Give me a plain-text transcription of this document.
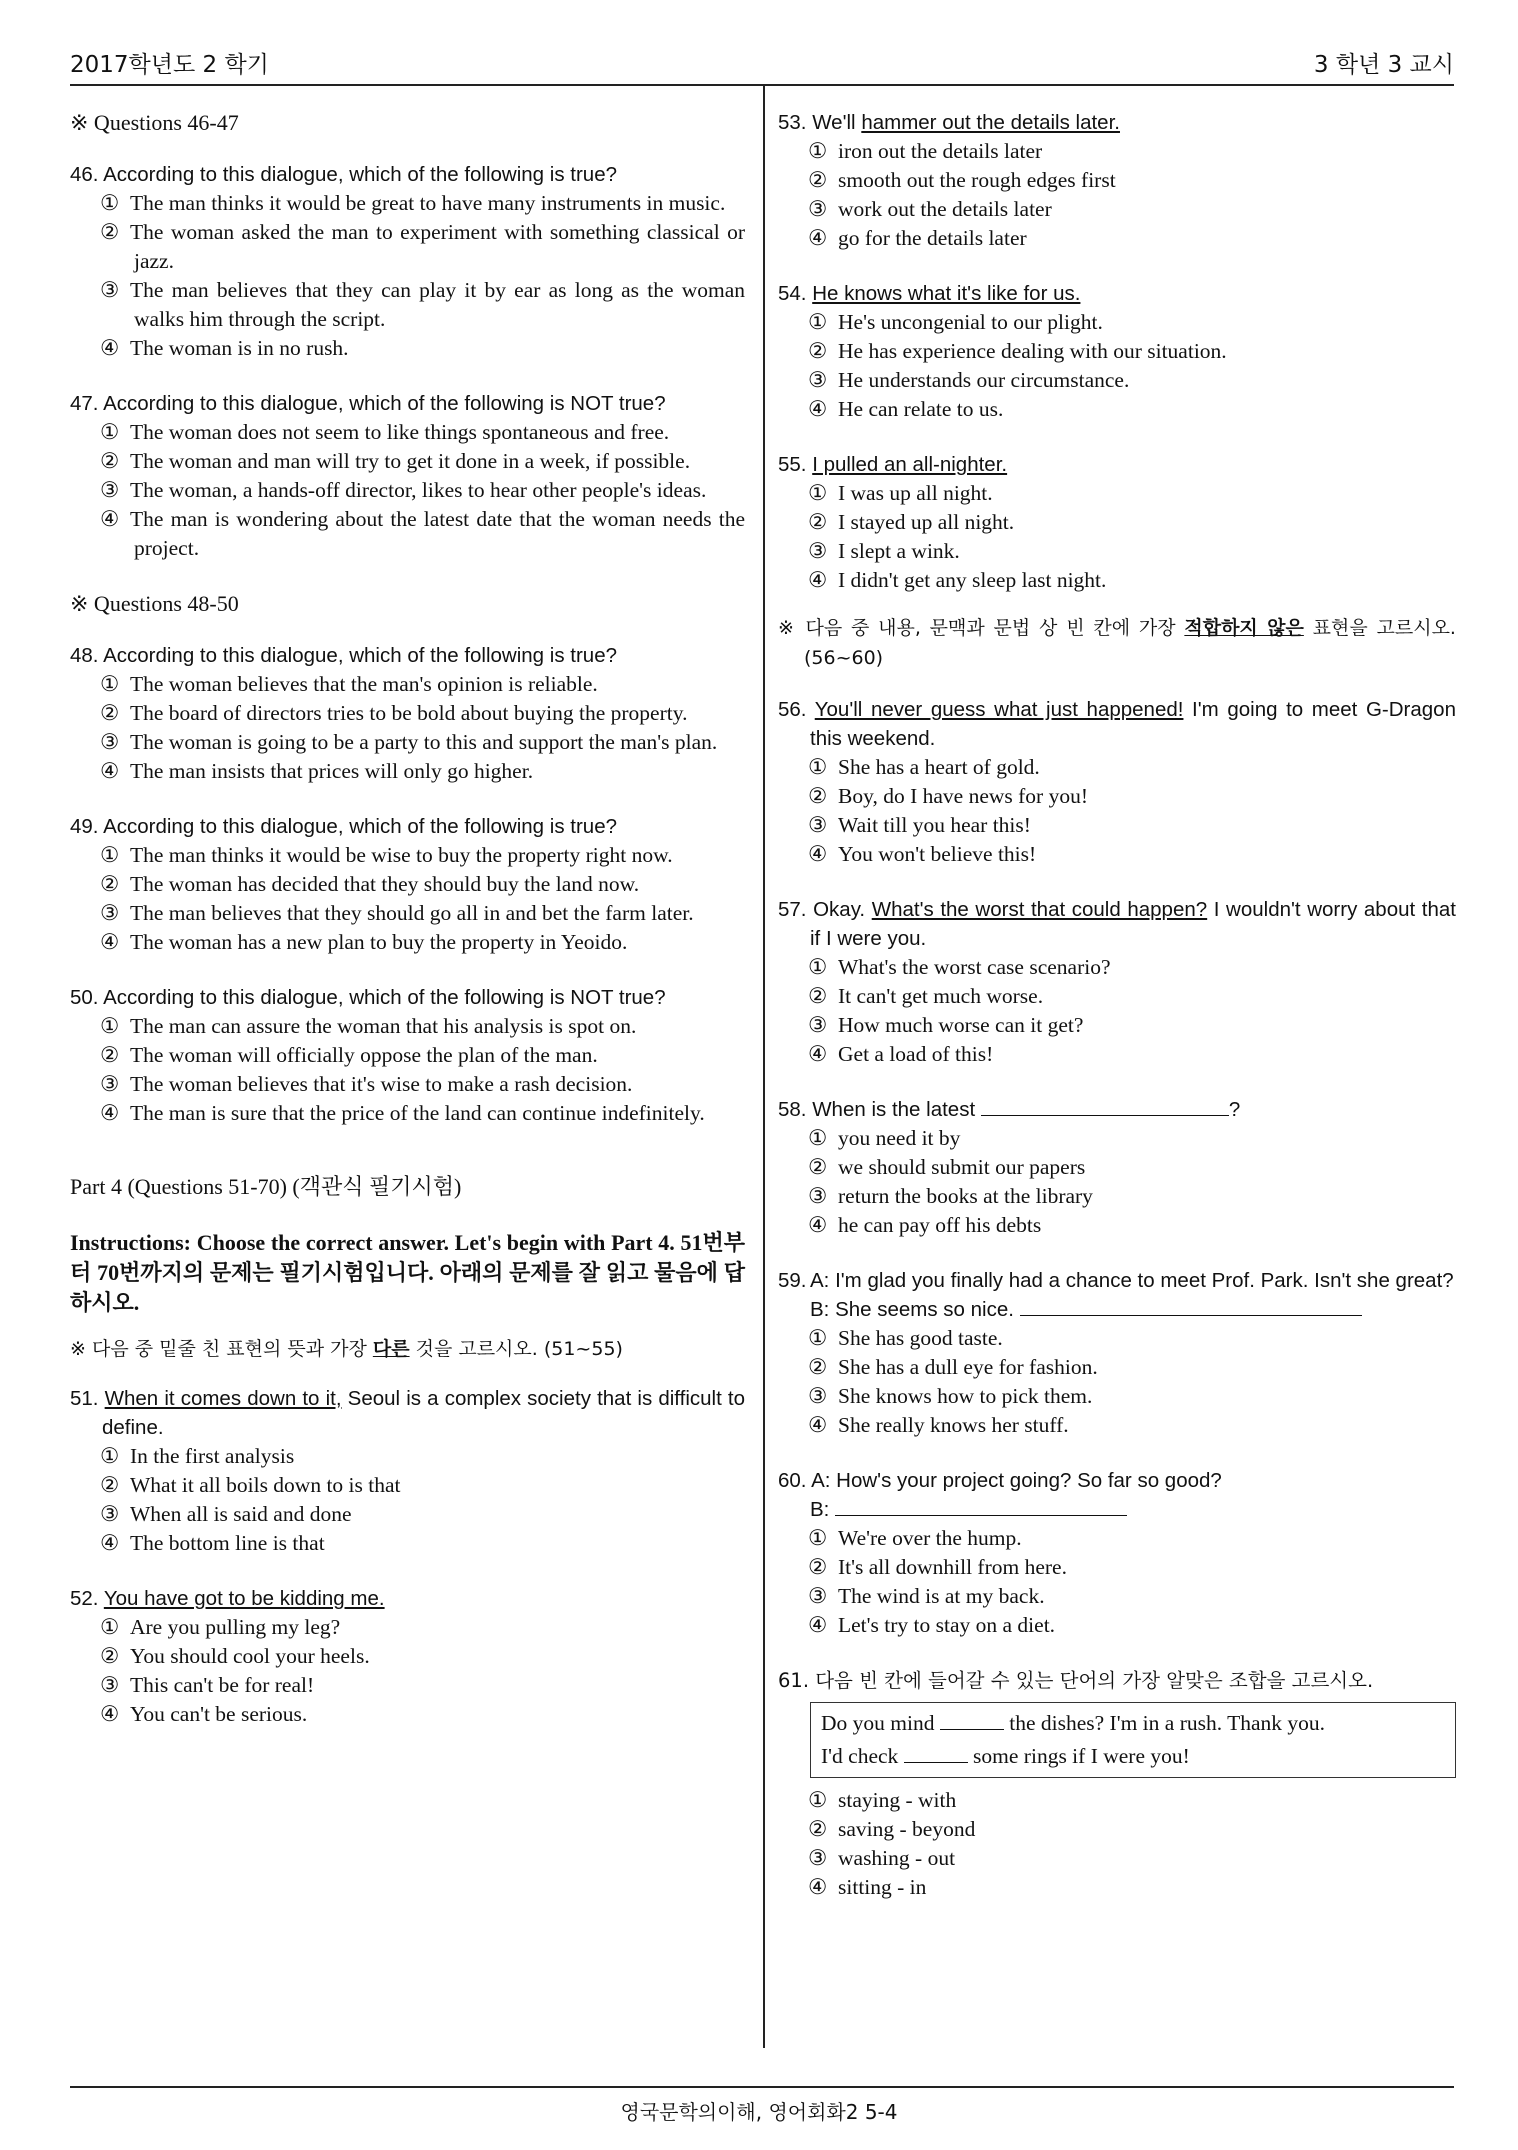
2017학년도 2 학기	3 학년 3 교시
※ Questions 46-47
46. According to this dialogue, which of the following is true?
① The man thinks it would be great to have many instruments in music.
② The woman asked the man to experiment with something classical or jazz.
③ The man believes that they can play it by ear as long as the woman walks him through the script.
④ The woman is in no rush.
47. According to this dialogue, which of the following is NOT true?
① The woman does not seem to like things spontaneous and free.
② The woman and man will try to get it done in a week, if possible.
③ The woman, a hands-off director, likes to hear other people's ideas.
④ The man is wondering about the latest date that the woman needs the project.
※ Questions 48-50
48. According to this dialogue, which of the following is true?
① The woman believes that the man's opinion is reliable.
② The board of directors tries to be bold about buying the property.
③ The woman is going to be a party to this and support the man's plan.
④ The man insists that prices will only go higher.
49. According to this dialogue, which of the following is true?
① The man thinks it would be wise to buy the property right now.
② The woman has decided that they should buy the land now.
③ The man believes that they should go all in and bet the farm later.
④ The woman has a new plan to buy the property in Yeoido.
50. According to this dialogue, which of the following is NOT true?
① The man can assure the woman that his analysis is spot on.
② The woman will officially oppose the plan of the man.
③ The woman believes that it's wise to make a rash decision.
④ The man is sure that the price of the land can continue indefinitely.
Part 4 (Questions 51-70) (객관식 필기시험)
Instructions: Choose the correct answer. Let's begin with Part 4. 51번부터 70번까지의 문제는 필기시험입니다. 아래의 문제를 잘 읽고 물음에 답하시오.
※ 다음 중 밑줄 친 표현의 뜻과 가장 다른 것을 고르시오. (51~55)
51. When it comes down to it, Seoul is a complex society that is difficult to define.
① In the first analysis
② What it all boils down to is that
③ When all is said and done
④ The bottom line is that
52. You have got to be kidding me.
① Are you pulling my leg?
② You should cool your heels.
③ This can't be for real!
④ You can't be serious.
53. We'll hammer out the details later.
① iron out the details later
② smooth out the rough edges first
③ work out the details later
④ go for the details later
54. He knows what it's like for us.
① He's uncongenial to our plight.
② He has experience dealing with our situation.
③ He understands our circumstance.
④ He can relate to us.
55. I pulled an all-nighter.
① I was up all night.
② I stayed up all night.
③ I slept a wink.
④ I didn't get any sleep last night.
※ 다음 중 내용, 문맥과 문법 상 빈 칸에 가장 적합하지 않은 표현을 고르시오. (56~60)
56. You'll never guess what just happened! I'm going to meet G-Dragon this weekend.
① She has a heart of gold.
② Boy, do I have news for you!
③ Wait till you hear this!
④ You won't believe this!
57. Okay. What's the worst that could happen? I wouldn't worry about that if I were you.
① What's the worst case scenario?
② It can't get much worse.
③ How much worse can it get?
④ Get a load of this!
58. When is the latest	?
① you need it by
② we should submit our papers
③ return the books at the library
④ he can pay off his debts
59. A: I'm glad you finally had a chance to meet Prof. Park. Isn't she great?
B: She seems so nice.
① She has good taste.
② She has a dull eye for fashion.
③ She knows how to pick them.
④ She really knows her stuff.
60. A: How's your project going? So far so good?
B:
① We're over the hump.
② It's all downhill from here.
③ The wind is at my back.
④ Let's try to stay on a diet.
61. 다음 빈 칸에 들어갈 수 있는 단어의 가장 알맞은 조합을 고르시오.
Do you mind	the dishes? I'm in a rush. Thank you.
I'd check	some rings if I were you!
① staying - with
② saving - beyond
③ washing - out
④ sitting - in
영국문학의이해, 영어회화2 5-4
